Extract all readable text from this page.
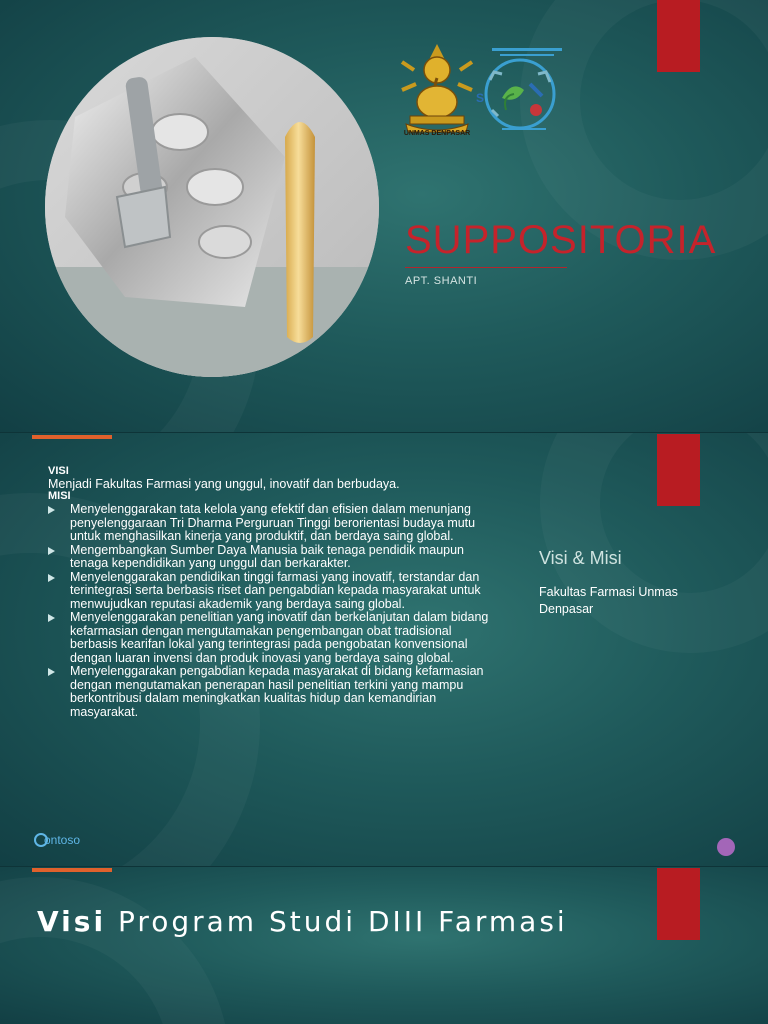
UNMAS DENPASAR
S
SUPPOSITORIA
APT. SHANTI
VISI
Menjadi Fakultas Farmasi yang unggul, inovatif dan berbudaya.
MISI
Menyelenggarakan tata kelola yang efektif dan efisien dalam menunjang penyelenggaraan Tri Dharma Perguruan Tinggi berorientasi budaya mutu untuk menghasilkan kinerja yang produktif, dan berdaya saing global.
Mengembangkan Sumber Daya Manusia baik tenaga pendidik maupun tenaga kependidikan yang unggul dan berkarakter.
Menyelenggarakan pendidikan tinggi farmasi yang inovatif, terstandar dan terintegrasi serta berbasis riset dan pengabdian kepada masyarakat untuk menwujudkan reputasi akademik yang berdaya saing global.
Menyelenggarakan penelitian yang inovatif dan berkelanjutan dalam bidang kefarmasian dengan mengutamakan pengembangan obat tradisional berbasis kearifan lokal yang terintegrasi pada pengobatan konvensional dengan luaran invensi dan produk inovasi yang berdaya saing global.
Menyelenggarakan pengabdian kepada masyarakat di bidang kefarmasian dengan mengutamakan penerapan hasil penelitian terkini yang mampu berkontribusi dalam meningkatkan kualitas hidup dan kemandirian masyarakat.
Visi & Misi
Fakultas Farmasi Unmas Denpasar
ontoso
Visi Program Studi DIII Farmasi
